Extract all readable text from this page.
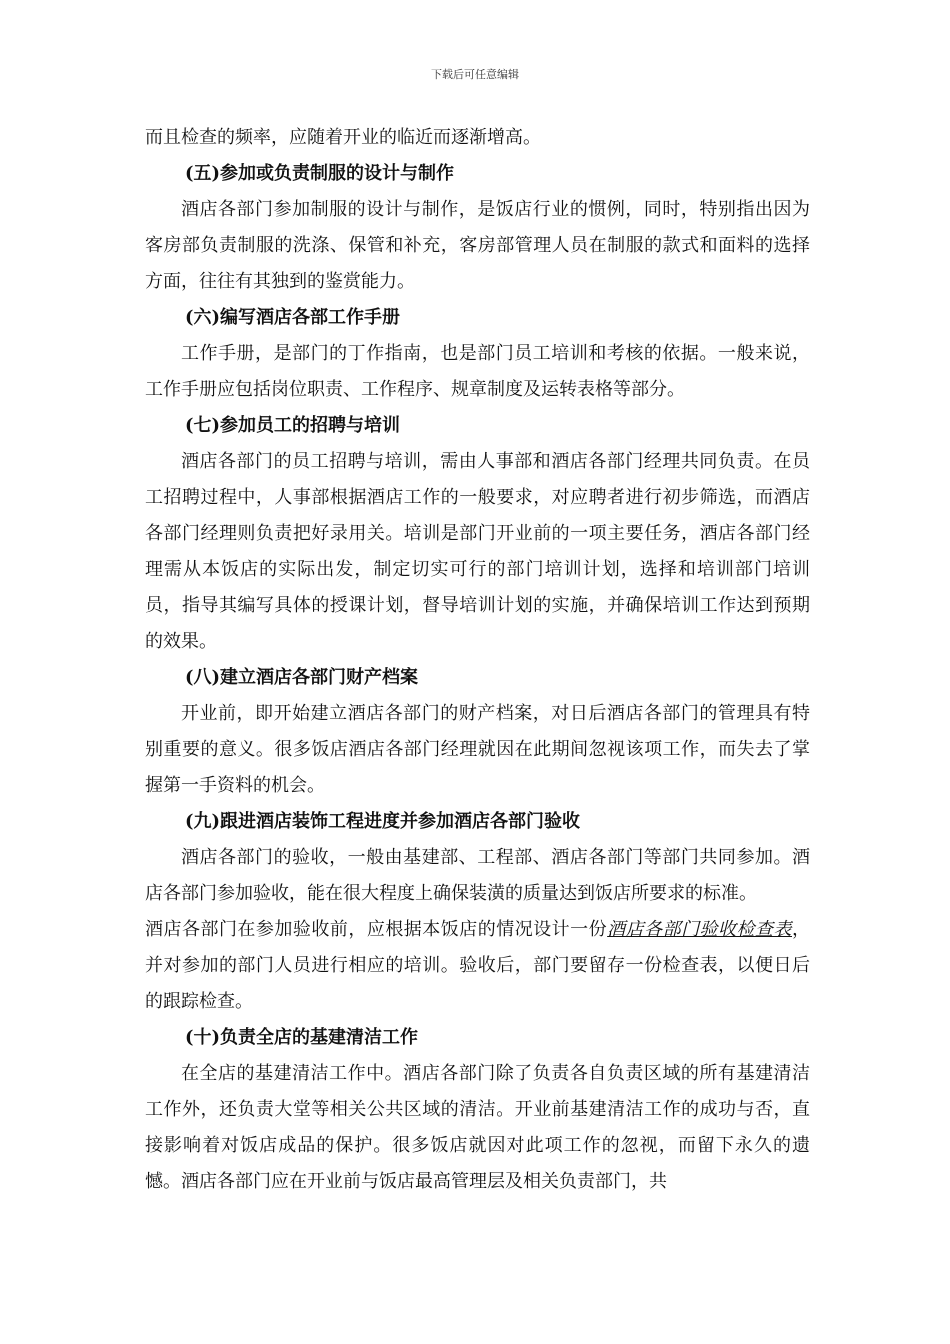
下载后可任意编辑

而且检查的频率，应随着开业的临近而逐渐增高。

(五)参加或负责制服的设计与制作

酒店各部门参加制服的设计与制作，是饭店行业的惯例，同时，特别指出因为客房部负责制服的洗涤、保管和补充，客房部管理人员在制服的款式和面料的选择方面，往往有其独到的鉴赏能力。

(六)编写酒店各部工作手册

工作手册，是部门的丁作指南，也是部门员工培训和考核的依据。一般来说，工作手册应包括岗位职责、工作程序、规章制度及运转表格等部分。

(七)参加员工的招聘与培训

酒店各部门的员工招聘与培训，需由人事部和酒店各部门经理共同负责。在员工招聘过程中，人事部根据酒店工作的一般要求，对应聘者进行初步筛选，而酒店各部门经理则负责把好录用关。培训是部门开业前的一项主要任务，酒店各部门经理需从本饭店的实际出发，制定切实可行的部门培训计划，选择和培训部门培训员，指导其编写具体的授课计划，督导培训计划的实施，并确保培训工作达到预期的效果。

(八)建立酒店各部门财产档案

开业前，即开始建立酒店各部门的财产档案，对日后酒店各部门的管理具有特别重要的意义。很多饭店酒店各部门经理就因在此期间忽视该项工作，而失去了掌握第一手资料的机会。

(九)跟进酒店装饰工程进度并参加酒店各部门验收

酒店各部门的验收，一般由基建部、工程部、酒店各部门等部门共同参加。酒店各部门参加验收，能在很大程度上确保装潢的质量达到饭店所要求的标准。

酒店各部门在参加验收前，应根据本饭店的情况设计一份酒店各部门验收检查表，并对参加的部门人员进行相应的培训。验收后，部门要留存一份检查表，以便日后的跟踪检查。

(十)负责全店的基建清洁工作

在全店的基建清洁工作中。酒店各部门除了负责各自负责区域的所有基建清洁工作外，还负责大堂等相关公共区域的清洁。开业前基建清洁工作的成功与否，直接影响着对饭店成品的保护。很多饭店就因对此项工作的忽视，而留下永久的遗憾。酒店各部门应在开业前与饭店最高管理层及相关负责部门，共
